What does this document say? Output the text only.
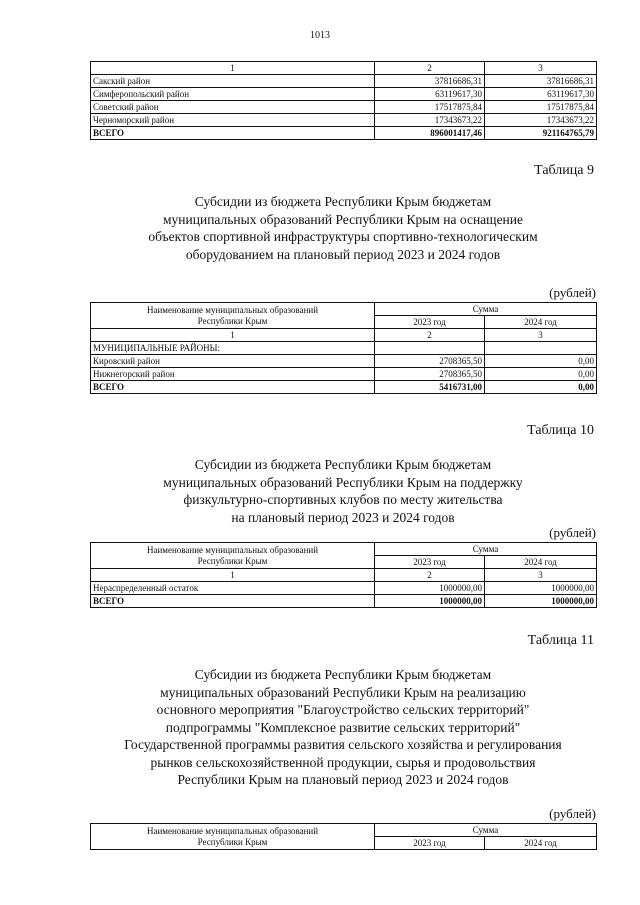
1013
1	2	3
Сакский район	37816686,31	37816686,31
Симферопольский район	63119617,30	63119617,30
Советский район	17517875,84	17517875,84
Черноморский район	17343673,22	17343673,22
ВСЕГО	896001417,46	921164765,79
Таблица 9
Субсидии из бюджета Республики Крым бюджетам
муниципальных образований Республики Крым на оснащение
объектов спортивной инфраструктуры спортивно-технологическим
оборудованием на плановый период 2023 и 2024 годов
(рублей)
Наименование муниципальных образований
Республики Крым	Сумма	
	2023 год	2024 год
1	2	3
МУНИЦИПАЛЬНЫЕ РАЙОНЫ:		
Кировский район	2708365,50	0,00
Нижнегорский район	2708365,50	0,00
ВСЕГО	5416731,00	0,00
Таблица 10
Субсидии из бюджета Республики Крым бюджетам
муниципальных образований Республики Крым на поддержку
физкультурно-спортивных клубов по месту жительства
на плановый период 2023 и 2024 годов
(рублей)
Наименование муниципальных образований
Республики Крым	Сумма	
	2023 год	2024 год
1	2	3
Нераспределенный остаток	1000000,00	1000000,00
ВСЕГО	1000000,00	1000000,00
Таблица 11
Субсидии из бюджета Республики Крым бюджетам
муниципальных образований Республики Крым на реализацию
основного мероприятия "Благоустройство сельских территорий"
подпрограммы "Комплексное развитие сельских территорий"
Государственной программы развития сельского хозяйства и регулирования
рынков сельскохозяйственной продукции, сырья и продовольствия
Республики Крым на плановый период 2023 и 2024 годов
(рублей)
Наименование муниципальных образований
Республики Крым	Сумма	
	2023 год	2024 год
